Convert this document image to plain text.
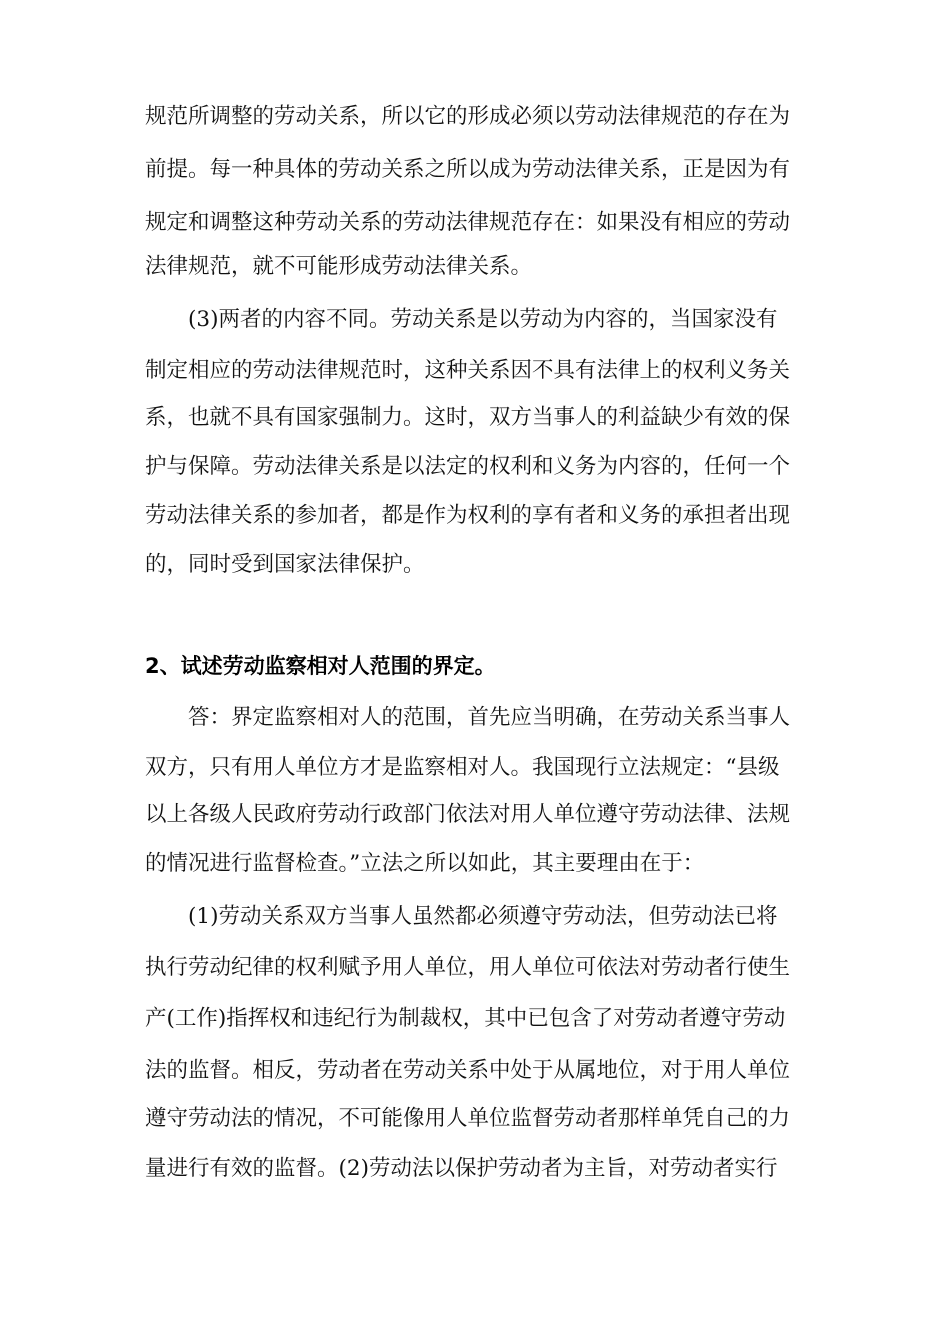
规范所调整的劳动关系，所以它的形成必须以劳动法律规范的存在为
前提。每一种具体的劳动关系之所以成为劳动法律关系，正是因为有
规定和调整这种劳动关系的劳动法律规范存在：如果没有相应的劳动
法律规范，就不可能形成劳动法律关系。
(3)两者的内容不同。劳动关系是以劳动为内容的，当国家没有
制定相应的劳动法律规范时，这种关系因不具有法律上的权利义务关
系，也就不具有国家强制力。这时，双方当事人的利益缺少有效的保
护与保障。劳动法律关系是以法定的权利和义务为内容的，任何一个
劳动法律关系的参加者，都是作为权利的享有者和义务的承担者出现
的，同时受到国家法律保护。
2、试述劳动监察相对人范围的界定。
答：界定监察相对人的范围，首先应当明确，在劳动关系当事人
双方，只有用人单位方才是监察相对人。我国现行立法规定：“县级
以上各级人民政府劳动行政部门依法对用人单位遵守劳动法律、法规
的情况进行监督检查。”立法之所以如此，其主要理由在于：
(1)劳动关系双方当事人虽然都必须遵守劳动法，但劳动法已将
执行劳动纪律的权利赋予用人单位，用人单位可依法对劳动者行使生
产(工作)指挥权和违纪行为制裁权，其中已包含了对劳动者遵守劳动
法的监督。相反，劳动者在劳动关系中处于从属地位，对于用人单位
遵守劳动法的情况，不可能像用人单位监督劳动者那样单凭自己的力
量进行有效的监督。(2)劳动法以保护劳动者为主旨，对劳动者实行
